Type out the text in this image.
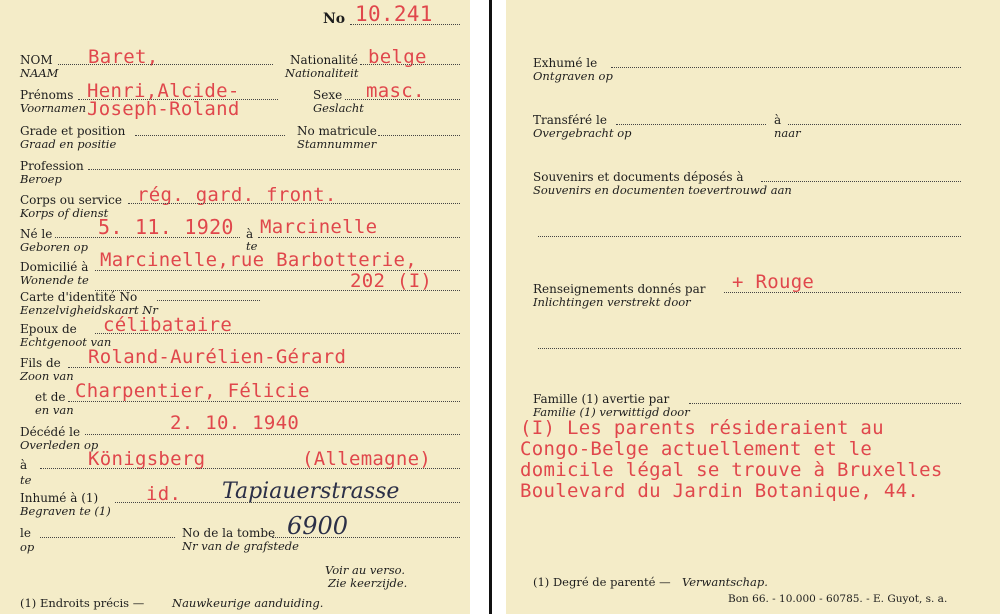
No 10.241
NOM
NAAM
Baret,	Nationalité
Nationaliteit
belge
Prénoms
Voornamen
Henri,Alcide-
Joseph-Roland
Sexe
Geslacht
masc.
Grade et position
Graad en positie
No matricule
Stamnummer
Profession
Beroep
Corps ou service
Korps of dienst
rég. gard. front.
Né le
Geboren op
5. 11. 1920 à
te
Marcinelle
Domicilié à
Wonende te
Marcinelle,rue Barbotterie,
202 (I)
Carte d'identité No
Eenzelvigheidskaart Nr
Epoux de
Echtgenoot van
célibataire
Fils de
Zoon van
Roland-Aurélien-Gérard
et de
en van
Charpentier, Félicie
Décédé le
Overleden op
2. 10. 1940
à
te
Königsberg	(Allemagne)
Inhumé à (1)
Begraven te (1)
id. Tapiauerstrasse
le
op
No de la tombe
Nr van de grafstede
6900
Voir au verso.
Zie keerzijde.
(1) Endroits précis — Nauwkeurige aanduiding.
Exhumé le
Ontgraven op
Transféré le
Overgebracht op
à
naar
Souvenirs et documents déposés à
Souvenirs en documenten toevertrouwd aan
Renseignements donnés par
Inlichtingen verstrekt door
+ Rouge
Famille (1) avertie par
Familie (1) verwittigd door
(I) Les parents résideraient au
Congo-Belge actuellement et le
domicile légal se trouve à Bruxelles
Boulevard du Jardin Botanique, 44.
(1) Degré de parenté — Verwantschap.
Bon 66. - 10.000 - 60785. - E. Guyot, s. a.
